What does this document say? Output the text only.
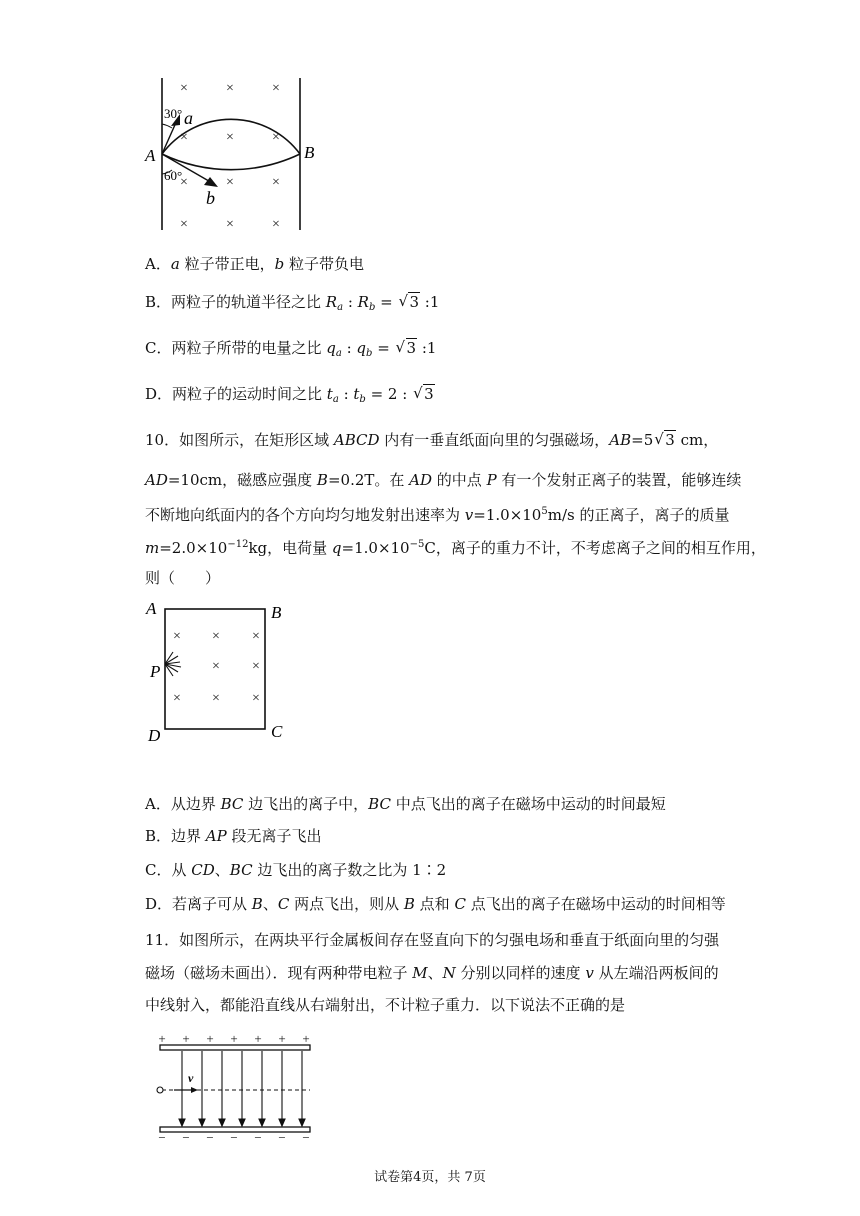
×	×	×
×	×	×
×	×	×
×	×	×
A	B
a
b
30°
60°
A．a 粒子带正电，b 粒子带负电
B．两粒子的轨道半径之比 $R_a$ : $R_b$ = √ 3 :1
C．两粒子所带的电量之比 $q_a$ : $q_b$ = √ 3 :1
D．两粒子的运动时间之比 $t_a$ : $t_b = 2$ : √ 3
10．如图所示，在矩形区域 ABCD 内有一垂直纸面向里的匀强磁场，AB=5√ 3 cm，
AD=10cm，磁感应强度 B=0.2T。在 AD 的中点 P 有一个发射正离子的装置，能够连续
不断地向纸面内的各个方向均匀地发射出速率为 $v=1.0\times 10^5m/s$ 的正离子，离子的质量
$m=2.0\times 10^{-12}kg$，电荷量 $q=1.0\times 10^{-5}C$，离子的重力不计，不考虑离子之间的相互作用，
则（　　）
× × ×
× ×
× × ×
A	B
C
D
P
A．从边界 BC 边飞出的离子中，BC 中点飞出的离子在磁场中运动的时间最短
B．边界 AP 段无离子飞出
C．从 CD、BC 边飞出的离子数之比为 1∶2
D．若离子可从 B、C 两点飞出，则从 B 点和 C 点飞出的离子在磁场中运动的时间相等
11．如图所示，在两块平行金属板间存在竖直向下的匀强电场和垂直于纸面向里的匀强
磁场（磁场未画出）．现有两种带电粒子 M、N 分别以同样的速度 v 从左端沿两板间的
中线射入，都能沿直线从右端射出，不计粒子重力．以下说法不正确的是
+ + + + + + +
v
− − − − − − −
试卷第4页，共 7页
